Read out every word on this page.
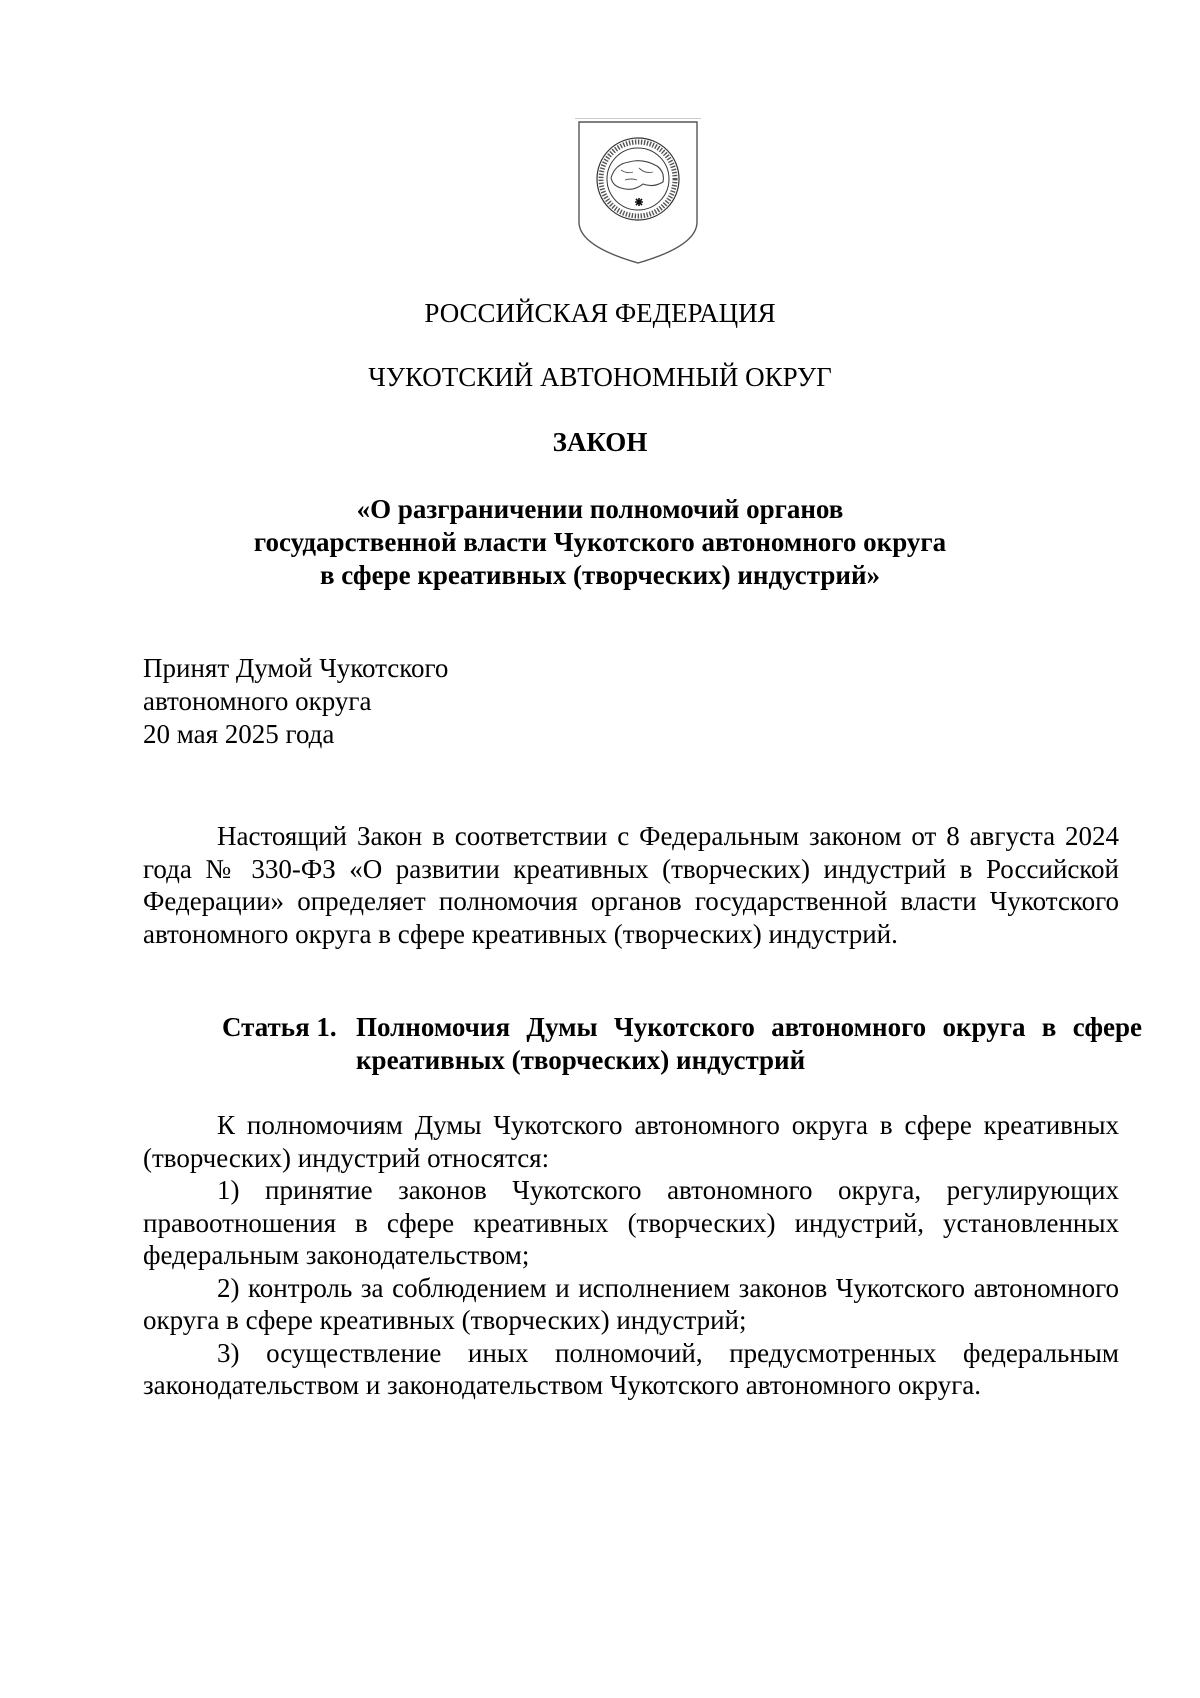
РОССИЙСКАЯ ФЕДЕРАЦИЯ
ЧУКОТСКИЙ АВТОНОМНЫЙ ОКРУГ
ЗАКОН
«О разграничении полномочий органов
государственной власти Чукотского автономного округа
в сфере креативных (творческих) индустрий»
Принят Думой Чукотского
автономного округа
20 мая 2025 года

Настоящий Закон в соответствии с Федеральным законом от 8 августа 2024 года № 330-ФЗ «О развитии креативных (творческих) индустрий в Российской Федерации» определяет полномочия органов государственной власти Чукотского автономного округа в сфере креативных (творческих) индустрий.

Статья 1. Полномочия Думы Чукотского автономного округа в сфере креативных (творческих) индустрий

К полномочиям Думы Чукотского автономного округа в сфере креативных (творческих) индустрий относятся:

1) принятие законов Чукотского автономного округа, регулирующих правоотношения в сфере креативных (творческих) индустрий, установленных федеральным законодательством;

2) контроль за соблюдением и исполнением законов Чукотского автономного округа в сфере креативных (творческих) индустрий;

3) осуществление иных полномочий, предусмотренных федеральным законодательством и законодательством Чукотского автономного округа.
